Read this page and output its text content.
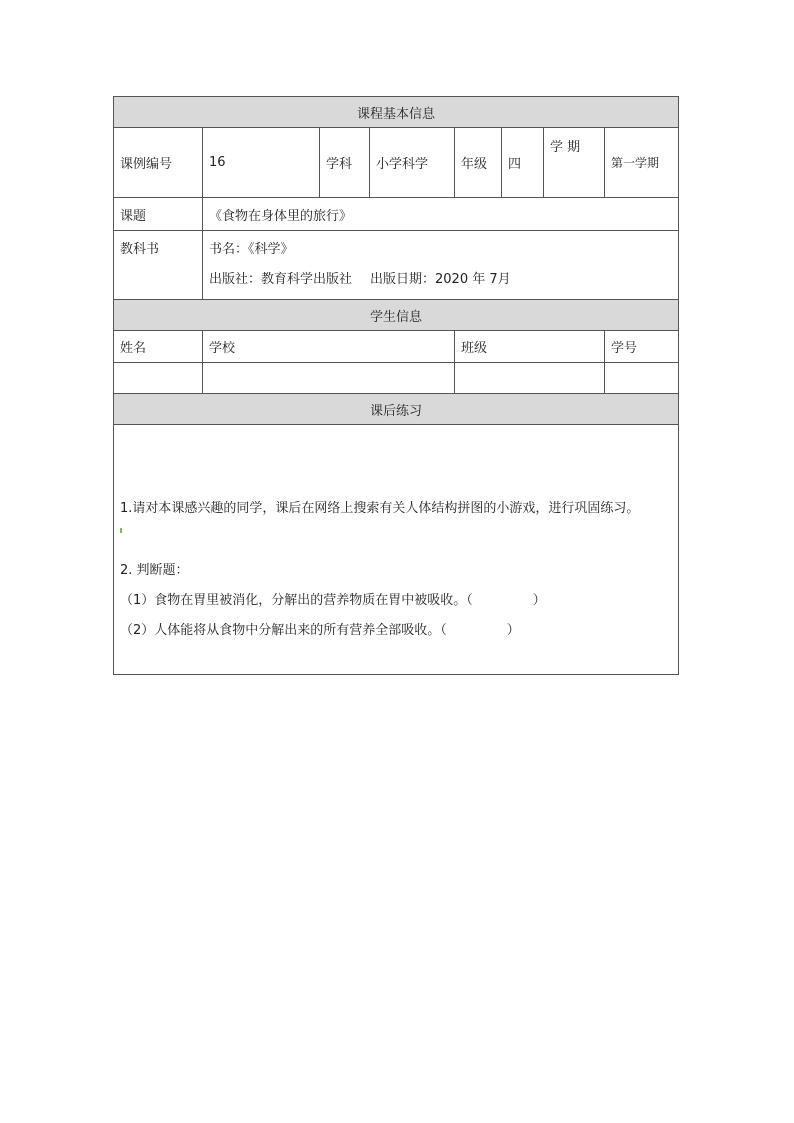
课程基本信息							
课例编号	16	学科	小学科学	年级	四	学 期	第一学期
课题	《食物在身体里的旅行》						
教科书	书名：《科学》
出版社：教育科学出版社 出版日期：2020 年 7月						

学生信息							
姓名	学校			班级			学号

课后练习							

1.请对本课感兴趣的同学，课后在网络上搜索有关人体结构拼图的小游戏，进行巩固练习。
2. 判断题：
（1）食物在胃里被消化，分解出的营养物质在胃中被吸收。（ ）
（2）人体能将从食物中分解出来的所有营养全部吸收。（ ）							
